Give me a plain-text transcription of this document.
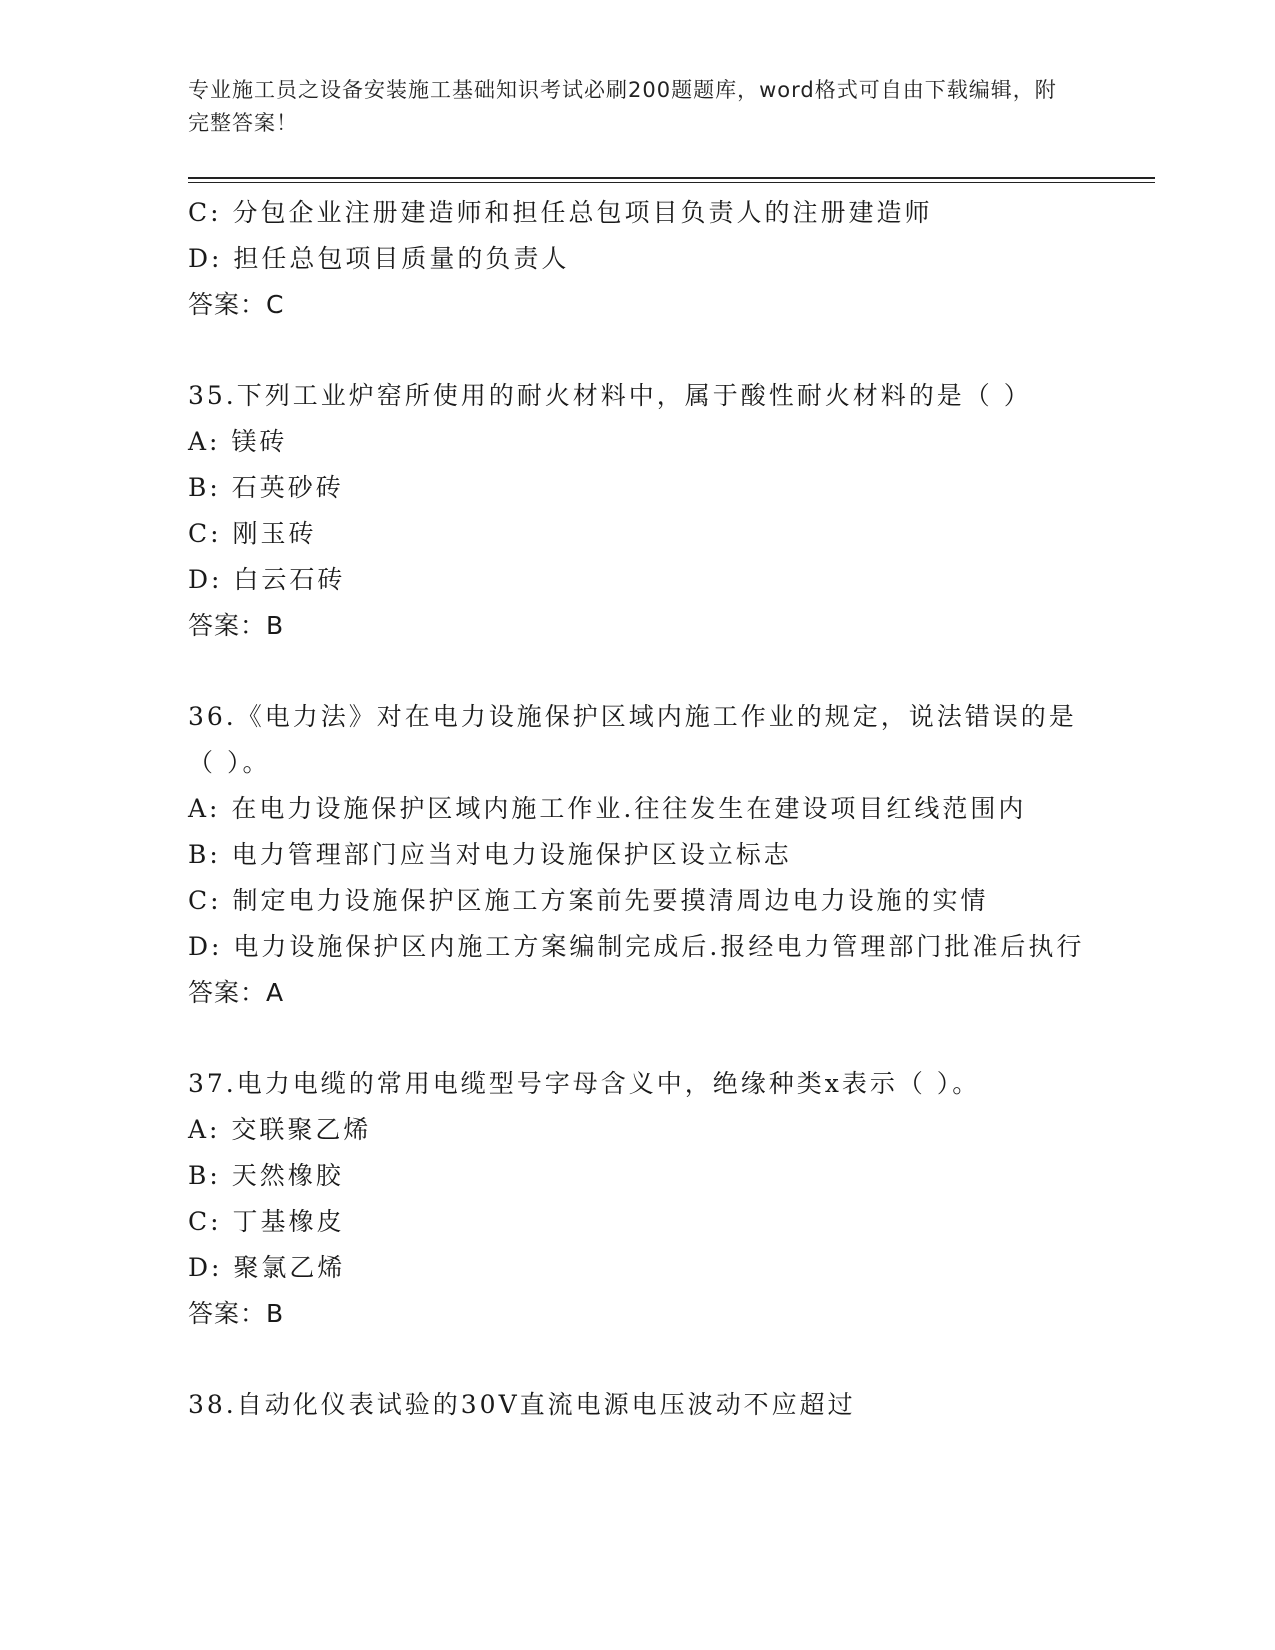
专业施工员之设备安装施工基础知识考试必刷200题题库，word格式可自由下载编辑，附完整答案！
C: 分包企业注册建造师和担任总包项目负责人的注册建造师
D: 担任总包项目质量的负责人
答案：C
35.下列工业炉窑所使用的耐火材料中，属于酸性耐火材料的是（ ）
A: 镁砖
B: 石英砂砖
C: 刚玉砖
D: 白云石砖
答案：B
36.《电力法》对在电力设施保护区域内施工作业的规定，说法错误的是（ ）。
A: 在电力设施保护区域内施工作业.往往发生在建设项目红线范围内
B: 电力管理部门应当对电力设施保护区设立标志
C: 制定电力设施保护区施工方案前先要摸清周边电力设施的实情
D: 电力设施保护区内施工方案编制完成后.报经电力管理部门批准后执行
答案：A
37.电力电缆的常用电缆型号字母含义中，绝缘种类x表示（ ）。
A: 交联聚乙烯
B: 天然橡胶
C: 丁基橡皮
D: 聚氯乙烯
答案：B
38.自动化仪表试验的30V直流电源电压波动不应超过
